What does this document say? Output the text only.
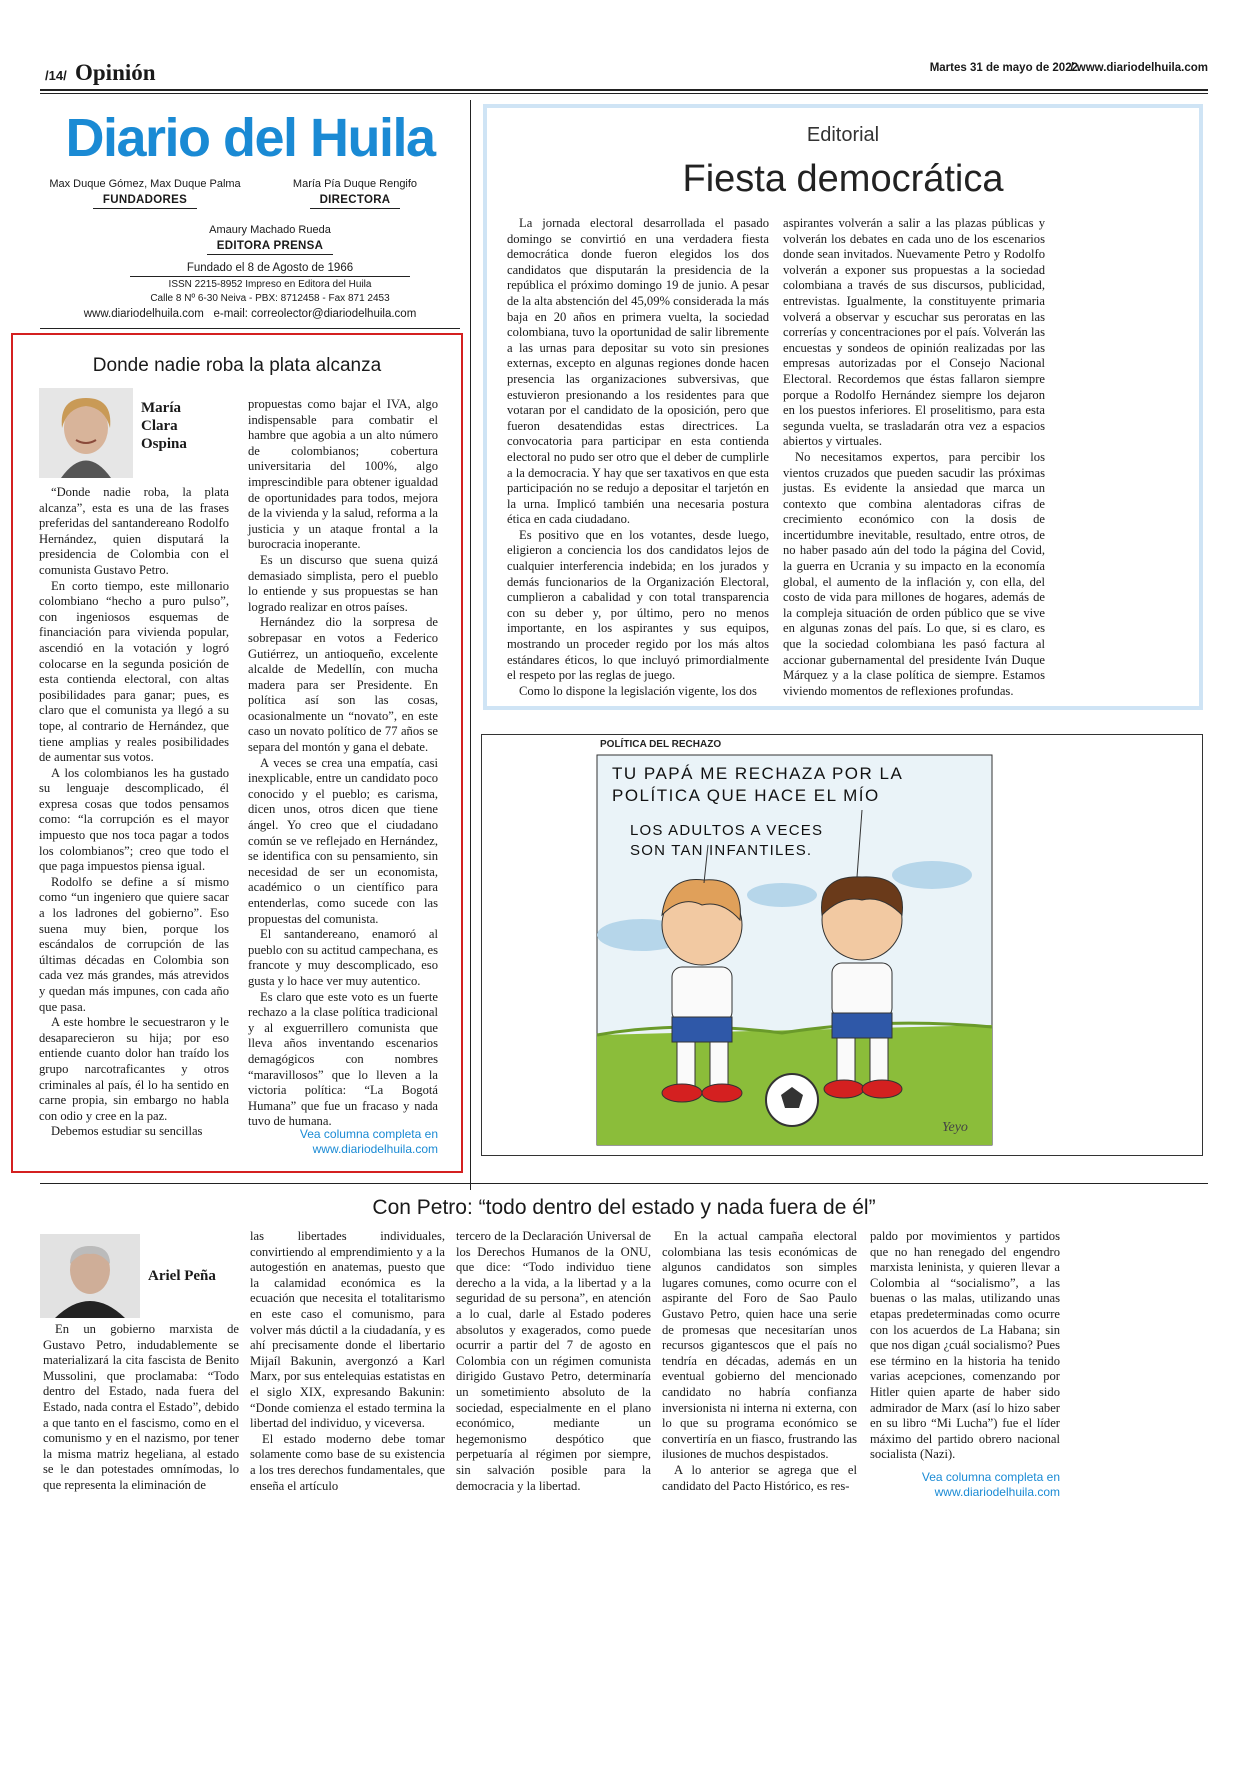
/14/ Opinión	Martes 31 de mayo de 2022
/ www.diariodelhuila.com
Diario del Huila
Max Duque Gómez, Max Duque Palma
FUNDADORES
María Pía Duque Rengifo
DIRECTORA
Amaury Machado Rueda
EDITORA PRENSA
Fundado el 8 de Agosto de 1966
ISSN 2215-8952 Impreso en Editora del Huila
Calle 8 Nº 6-30 Neiva - PBX: 8712458 - Fax 871 2453
www.diariodelhuila.com e-mail: correolector@diariodelhuila.com
Donde nadie roba la plata alcanza
María Clara Ospina

“Donde nadie roba, la plata alcanza”, esta es una de las frases preferidas del santandereano Rodolfo Hernández, quien disputará la presidencia de Colombia con el comunista Gustavo Petro.

En corto tiempo, este millonario colombiano “hecho a puro pulso”, con ingeniosos esquemas de financiación para vivienda popular, ascendió en la votación y logró colocarse en la segunda posición de esta contienda electoral, con altas posibilidades para ganar; pues, es claro que el comunista ya llegó a su tope, al contrario de Hernández, que tiene amplias y reales posibilidades de aumentar sus votos.

A los colombianos les ha gustado su lenguaje descomplicado, él expresa cosas que todos pensamos como: “la corrupción es el mayor impuesto que nos toca pagar a todos los colombianos”; creo que todo el que paga impuestos piensa igual.

Rodolfo se define a sí mismo como “un ingeniero que quiere sacar a los ladrones del gobierno”. Eso suena muy bien, porque los escándalos de corrupción de las últimas décadas en Colombia son cada vez más grandes, más atrevidos y quedan más impunes, con cada año que pasa.

A este hombre le secuestraron y le desaparecieron su hija; por eso entiende cuanto dolor han traído los grupo narcotraficantes y otros criminales al país, él lo ha sentido en carne propia, sin embargo no habla con odio y cree en la paz.

Debemos estudiar su sencillas

propuestas como bajar el IVA, algo indispensable para combatir el hambre que agobia a un alto número de colombianos; cobertura universitaria del 100%, algo imprescindible para obtener igualdad de oportunidades para todos, mejora de la vivienda y la salud, reforma a la justicia y un ataque frontal a la burocracia inoperante.

Es un discurso que suena quizá demasiado simplista, pero el pueblo lo entiende y sus propuestas se han logrado realizar en otros países.

Hernández dio la sorpresa de sobrepasar en votos a Federico Gutiérrez, un antioqueño, excelente alcalde de Medellín, con mucha madera para ser Presidente. En política así son las cosas, ocasionalmente un “novato”, en este caso un novato político de 77 años se separa del montón y gana el debate.

A veces se crea una empatía, casi inexplicable, entre un candidato poco conocido y el pueblo; es carisma, dicen unos, otros dicen que tiene ángel. Yo creo que el ciudadano común se ve reflejado en Hernández, se identifica con su pensamiento, sin necesidad de ser un economista, académico o un científico para entenderlas, como sucede con las propuestas del comunista.

El santandereano, enamoró al pueblo con su actitud campechana, es francote y muy descomplicado, eso gusta y lo hace ver muy autentico.

Es claro que este voto es un fuerte rechazo a la clase política tradicional y al exguerrillero comunista que lleva años inventando escenarios demagógicos con nombres “maravillosos” que lo lleven a la victoria política: “La Bogotá Humana” que fue un fracaso y nada tuvo de humana.

Vea columna completa en
www.diariodelhuila.com
Editorial
Fiesta democrática

La jornada electoral desarrollada el pasado domingo se convirtió en una verdadera fiesta democrática donde fueron elegidos los dos candidatos que disputarán la presidencia de la república el próximo domingo 19 de junio. A pesar de la alta abstención del 45,09% considerada la más baja en 20 años en primera vuelta, la sociedad colombiana, tuvo la oportunidad de salir libremente a las urnas para depositar su voto sin presiones externas, excepto en algunas regiones donde hacen presencia las organizaciones subversivas, que estuvieron presionando a los residentes para que votaran por el candidato de la oposición, pero que fueron desatendidas estas directrices. La convocatoria para participar en esta contienda electoral no pudo ser otro que el deber de cumplirle a la democracia. Y hay que ser taxativos en que esta participación no se redujo a depositar el tarjetón en la urna. Implicó también una necesaria postura ética en cada ciudadano.

Es positivo que en los votantes, desde luego, eligieron a conciencia los dos candidatos lejos de cualquier interferencia indebida; en los jurados y demás funcionarios de la Organización Electoral, cumplieron a cabalidad y con total transparencia con su deber y, por último, pero no menos importante, en los aspirantes y sus equipos, mostrando un proceder regido por los más altos estándares éticos, lo que incluyó primordialmente el respeto por las reglas de juego.

Como lo dispone la legislación vigente, los dos

aspirantes volverán a salir a las plazas públicas y volverán los debates en cada uno de los escenarios donde sean invitados. Nuevamente Petro y Rodolfo volverán a exponer sus propuestas a la sociedad colombiana a través de sus discursos, publicidad, entrevistas. Igualmente, la constituyente primaria volverá a observar y escuchar sus peroratas en las correrías y concentraciones por el país. Volverán las encuestas y sondeos de opinión realizadas por las empresas autorizadas por el Consejo Nacional Electoral. Recordemos que éstas fallaron siempre porque a Rodolfo Hernández siempre los dejaron en los puestos inferiores. El proselitismo, para esta segunda vuelta, se trasladarán otra vez a espacios abiertos y virtuales.

No necesitamos expertos, para percibir los vientos cruzados que pueden sacudir las próximas justas. Es evidente la ansiedad que marca un contexto que combina alentadoras cifras de crecimiento económico con la dosis de incertidumbre inevitable, resultado, entre otros, de no haber pasado aún del todo la página del Covid, la guerra en Ucrania y su impacto en la economía global, el aumento de la inflación y, con ella, del costo de vida para millones de hogares, además de la compleja situación de orden público que se vive en algunas zonas del país. Lo que, si es claro, es que la sociedad colombiana les pasó factura al accionar gubernamental del presidente Iván Duque Márquez y a la clase política de siempre. Estamos viviendo momentos de reflexiones profundas.

POLÍTICA DEL RECHAZO
TU PAPÁ ME RECHAZA POR LA POLÍTICA QUE HACE EL MÍO
LOS ADULTOS A VECES SON TAN INFANTILES.
Yeyo
Con Petro: “todo dentro del estado y nada fuera de él”
Ariel Peña

En un gobierno marxista de Gustavo Petro, indudablemente se materializará la cita fascista de Benito Mussolini, que proclamaba: “Todo dentro del Estado, nada fuera del Estado, nada contra el Estado”, debido a que tanto en el fascismo, como en el comunismo y en el nazismo, por tener la misma matriz hegeliana, al estado se le dan potestades omnímodas, lo que representa la eliminación de

las libertades individuales, convirtiendo al emprendimiento y a la autogestión en anatemas, puesto que la calamidad económica es la ecuación que necesita el totalitarismo en este caso el comunismo, para volver más dúctil a la ciudadanía, y es ahí precisamente donde el libertario Mijaíl Bakunin, avergonzó a Karl Marx, por sus entelequias estatistas en el siglo XIX, expresando Bakunin: “Donde comienza el estado termina la libertad del individuo, y viceversa.

El estado moderno debe tomar solamente como base de su existencia a los tres derechos fundamentales, que enseña el artículo

tercero de la Declaración Universal de los Derechos Humanos de la ONU, que dice: “Todo individuo tiene derecho a la vida, a la libertad y a la seguridad de su persona”, en atención a lo cual, darle al Estado poderes absolutos y exagerados, como puede ocurrir a partir del 7 de agosto en Colombia con un régimen comunista dirigido Gustavo Petro, determinaría un sometimiento absoluto de la sociedad, especialmente en el plano económico, mediante un hegemonismo despótico que perpetuaría al régimen por siempre, sin salvación posible para la democracia y la libertad.

En la actual campaña electoral colombiana las tesis económicas de algunos candidatos son simples lugares comunes, como ocurre con el aspirante del Foro de Sao Paulo Gustavo Petro, quien hace una serie de promesas que necesitarían unos recursos gigantescos que el país no tendría en décadas, además en un eventual gobierno del mencionado candidato no habría confianza inversionista ni interna ni externa, con lo que su programa económico se convertiría en un fiasco, frustrando las ilusiones de muchos despistados.

A lo anterior se agrega que el candidato del Pacto Histórico, es res-

paldo por movimientos y partidos que no han renegado del engendro marxista leninista, y quieren llevar a Colombia al “socialismo”, a las buenas o las malas, utilizando unas etapas predeterminadas como ocurre con los acuerdos de La Habana; sin que nos digan ¿cuál socialismo? Pues ese término en la historia ha tenido varias acepciones, comenzando por Hitler quien aparte de haber sido admirador de Marx (así lo hizo saber en su libro “Mi Lucha”) fue el líder máximo del partido obrero nacional socialista (Nazi).

Vea columna completa en
www.diariodelhuila.com
